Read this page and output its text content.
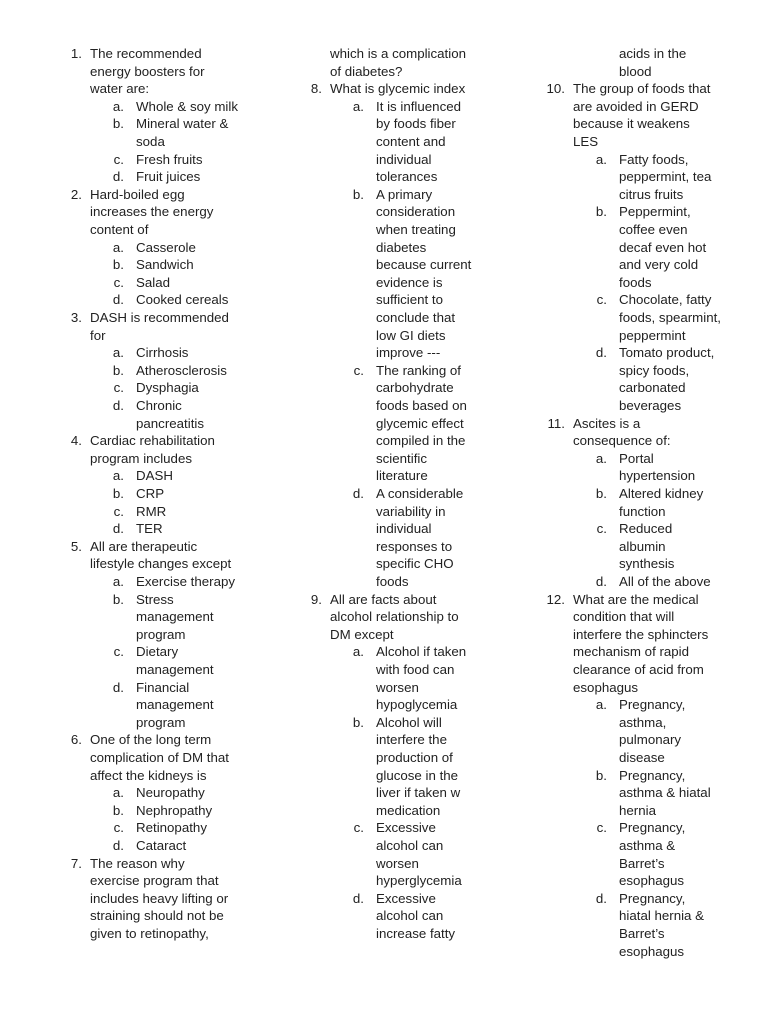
1. The recommended
energy boosters for
water are:
a. Whole & soy milk
b. Mineral water &
soda
c. Fresh fruits
d. Fruit juices
2. Hard-boiled egg
increases the energy
content of
a. Casserole
b. Sandwich
c. Salad
d. Cooked cereals
3. DASH is recommended
for
a. Cirrhosis
b. Atherosclerosis
c. Dysphagia
d. Chronic
pancreatitis
4. Cardiac rehabilitation
program includes
a. DASH
b. CRP
c. RMR
d. TER
5. All are therapeutic
lifestyle changes except
a. Exercise therapy
b. Stress
management
program
c. Dietary
management
d. Financial
management
program
6. One of the long term
complication of DM that
affect the kidneys is
a. Neuropathy
b. Nephropathy
c. Retinopathy
d. Cataract
7. The reason why
exercise program that
includes heavy lifting or
straining should not be
given to retinopathy,
which is a complication
of diabetes?
8. What is glycemic index
a. It is influenced
by foods fiber
content and
individual
tolerances
b. A primary
consideration
when treating
diabetes
because current
evidence is
sufficient to
conclude that
low GI diets
improve ---
c. The ranking of
carbohydrate
foods based on
glycemic effect
compiled in the
scientific
literature
d. A considerable
variability in
individual
responses to
specific CHO
foods
9. All are facts about
alcohol relationship to
DM except
a. Alcohol if taken
with food can
worsen
hypoglycemia
b. Alcohol will
interfere the
production of
glucose in the
liver if taken w
medication
c. Excessive
alcohol can
worsen
hyperglycemia
d. Excessive
alcohol can
increase fatty
acids in the
blood
10. The group of foods that
are avoided in GERD
because it weakens
LES
a. Fatty foods,
peppermint, tea
citrus fruits
b. Peppermint,
coffee even
decaf even hot
and very cold
foods
c. Chocolate, fatty
foods, spearmint,
peppermint
d. Tomato product,
spicy foods,
carbonated
beverages
11. Ascites is a
consequence of:
a. Portal
hypertension
b. Altered kidney
function
c. Reduced
albumin
synthesis
d. All of the above
12. What are the medical
condition that will
interfere the sphincters
mechanism of rapid
clearance of acid from
esophagus
a. Pregnancy,
asthma,
pulmonary
disease
b. Pregnancy,
asthma & hiatal
hernia
c. Pregnancy,
asthma &
Barret’s
esophagus
d. Pregnancy,
hiatal hernia &
Barret’s
esophagus
